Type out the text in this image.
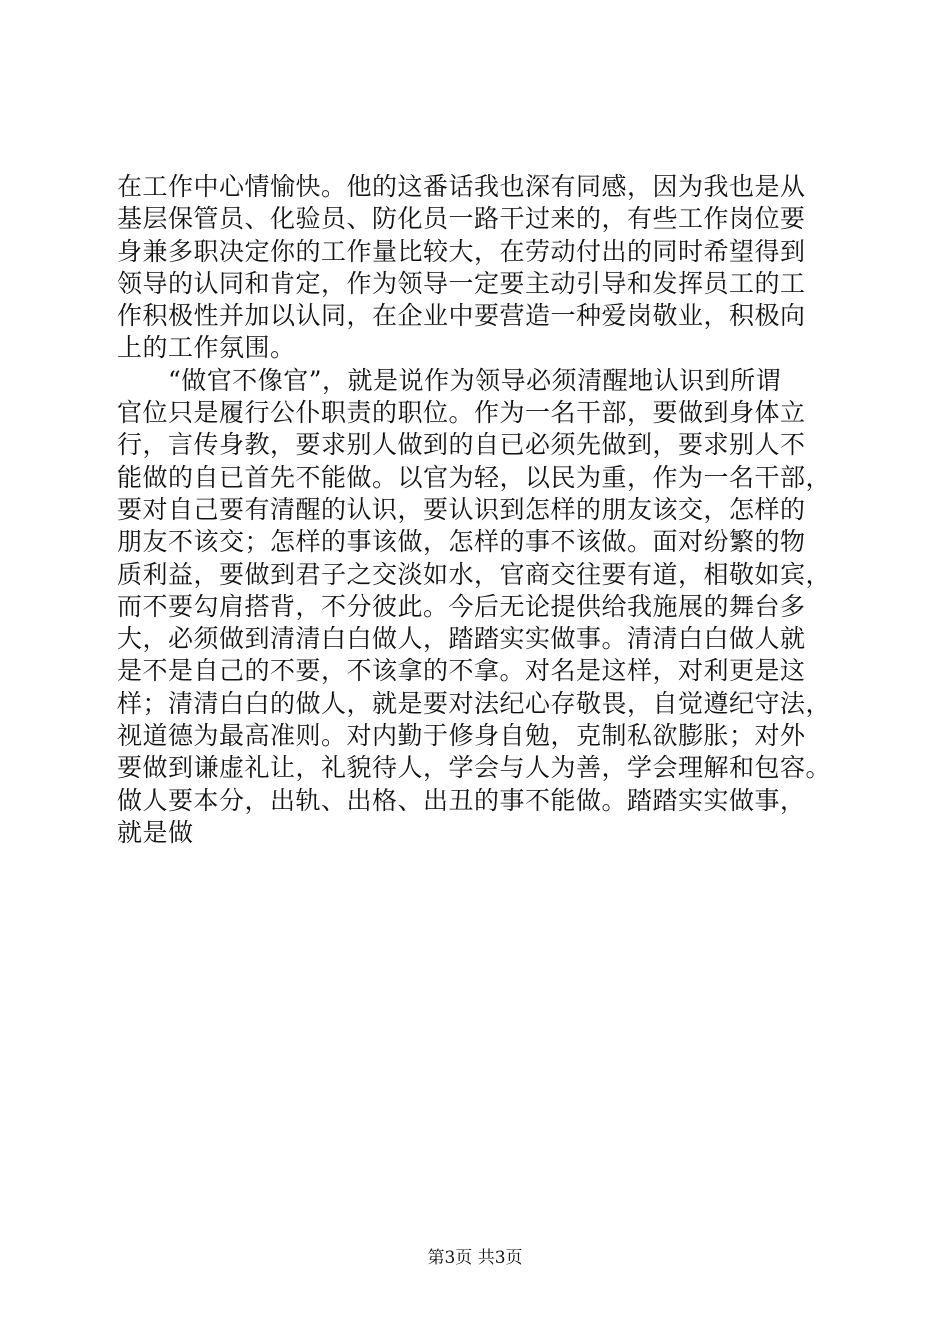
在工作中心情愉快。他的这番话我也深有同感，因为我也是从
基层保管员、化验员、防化员一路干过来的，有些工作岗位要
身兼多职决定你的工作量比较大，在劳动付出的同时希望得到
领导的认同和肯定，作为领导一定要主动引导和发挥员工的工
作积极性并加以认同，在企业中要营造一种爱岗敬业，积极向
上的工作氛围。
　　“做官不像官”，就是说作为领导必须清醒地认识到所谓
官位只是履行公仆职责的职位。作为一名干部，要做到身体立
行，言传身教，要求别人做到的自已必须先做到，要求别人不
能做的自已首先不能做。以官为轻，以民为重，作为一名干部，
要对自己要有清醒的认识，要认识到怎样的朋友该交，怎样的
朋友不该交；怎样的事该做，怎样的事不该做。面对纷繁的物
质利益，要做到君子之交淡如水，官商交往要有道，相敬如宾，
而不要勾肩搭背，不分彼此。今后无论提供给我施展的舞台多
大，必须做到清清白白做人，踏踏实实做事。清清白白做人就
是不是自己的不要，不该拿的不拿。对名是这样，对利更是这
样；清清白白的做人，就是要对法纪心存敬畏，自觉遵纪守法，
视道德为最高准则。对内勤于修身自勉，克制私欲膨胀；对外
要做到谦虚礼让，礼貌待人，学会与人为善，学会理解和包容。
做人要本分，出轨、出格、出丑的事不能做。踏踏实实做事，
就是做
第3页 共3页
